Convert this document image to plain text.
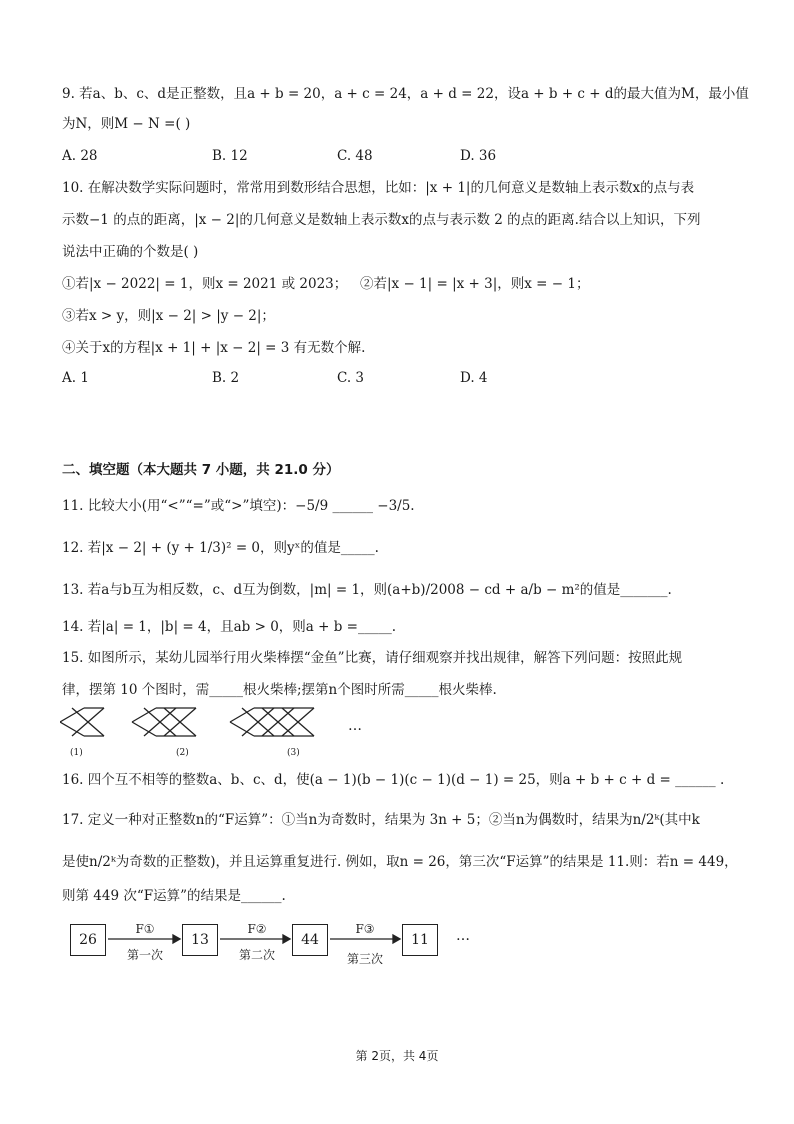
9. 若a、b、c、d是正整数，且a + b = 20，a + c = 24，a + d = 22，设a + b + c + d的最大值为M，最小值
为N，则M − N =( )
A. 28	B. 12	C. 48	D. 36
10. 在解决数学实际问题时，常常用到数形结合思想，比如：|x + 1|的几何意义是数轴上表示数x的点与表
示数−1 的点的距离，|x − 2|的几何意义是数轴上表示数x的点与表示数 2 的点的距离.结合以上知识，下列
说法中正确的个数是( )
①若|x − 2022| = 1，则x = 2021 或 2023； ②若|x − 1| = |x + 3|，则x = − 1；
③若x > y，则|x − 2| > |y − 2|；
④关于x的方程|x + 1| + |x − 2| = 3 有无数个解.
A. 1	B. 2	C. 3	D. 4
二、填空题（本大题共 7 小题，共 21.0 分）
11. 比较大小(用“<”“=”或“>”填空)：−5/9 ______ −3/5.
12. 若|x − 2| + (y + 1/3)² = 0，则yˣ的值是_____.
13. 若a与b互为相反数，c、d互为倒数，|m| = 1，则(a+b)/2008 − cd + a/b − m²的值是_______.
14. 若|a| = 1，|b| = 4，且ab > 0，则a + b =_____.
15. 如图所示，某幼儿园举行用火柴棒摆“金鱼”比赛，请仔细观察并找出规律，解答下列问题：按照此规
律，摆第 10 个图时，需_____根火柴棒;摆第n个图时所需_____根火柴棒.
(1)	(2)	(3)
…
16. 四个互不相等的整数a、b、c、d，使(a − 1)(b − 1)(c − 1)(d − 1) = 25，则a + b + c + d = ______ .
17. 定义一种对正整数n的“F运算”：①当n为奇数时，结果为 3n + 5；②当n为偶数时，结果为n/2ᵏ(其中k
是使n/2ᵏ为奇数的正整数)，并且运算重复进行. 例如，取n = 26，第三次“F运算”的结果是 11.则：若n = 449，
则第 449 次“F运算”的结果是______.
26	13	44	11
F①	F②	F③
第一次	第二次	第三次
…
第 2页，共 4页
